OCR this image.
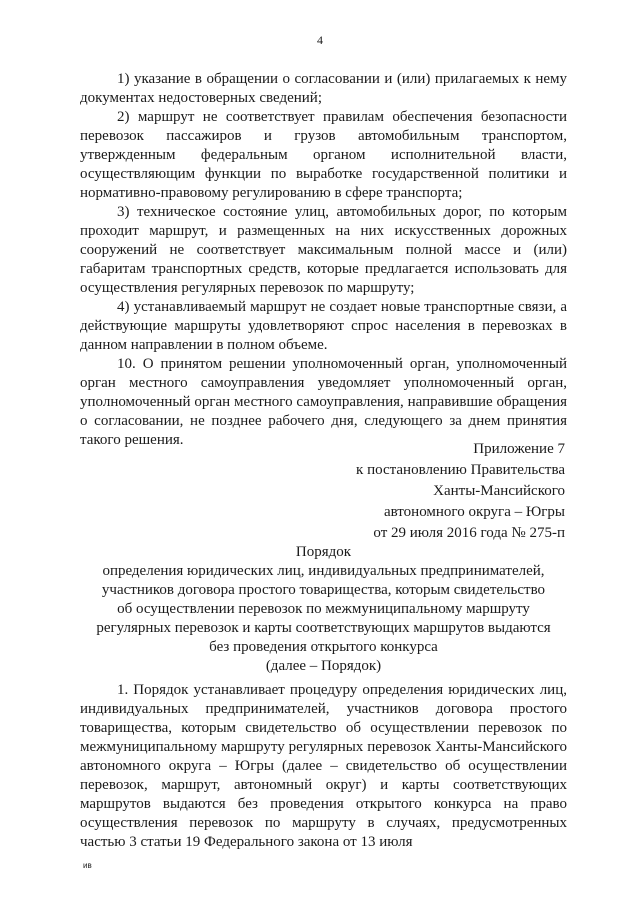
4

1) указание в обращении о согласовании и (или) прилагаемых к нему документах недостоверных сведений;

2) маршрут не соответствует правилам обеспечения безопасности перевозок пассажиров и грузов автомобильным транспортом, утвержденным федеральным органом исполнительной власти, осуществляющим функции по выработке государственной политики и нормативно-правовому регулированию в сфере транспорта;

3) техническое состояние улиц, автомобильных дорог, по которым проходит маршрут, и размещенных на них искусственных дорожных сооружений не соответствует максимальным полной массе и (или) габаритам транспортных средств, которые предлагается использовать для осуществления регулярных перевозок по маршруту;

4) устанавливаемый маршрут не создает новые транспортные связи, а действующие маршруты удовлетворяют спрос населения в перевозках в данном направлении в полном объеме.

10. О принятом решении уполномоченный орган, уполномоченный орган местного самоуправления уведомляет уполномоченный орган, уполномоченный орган местного самоуправления, направившие обращения о согласовании, не позднее рабочего дня, следующего за днем принятия такого решения.

Приложение 7
к постановлению Правительства
Ханты-Мансийского
автономного округа – Югры
от 29 июля 2016 года № 275-п
Порядок
определения юридических лиц, индивидуальных предпринимателей,
участников договора простого товарищества, которым свидетельство
об осуществлении перевозок по межмуниципальному маршруту
регулярных перевозок и карты соответствующих маршрутов выдаются
без проведения открытого конкурса
(далее – Порядок)

1. Порядок устанавливает процедуру определения юридических лиц, индивидуальных предпринимателей, участников договора простого товарищества, которым свидетельство об осуществлении перевозок по межмуниципальному маршруту регулярных перевозок Ханты-Мансийского автономного округа – Югры (далее – свидетельство об осуществлении перевозок, маршрут, автономный округ) и карты соответствующих маршрутов выдаются без проведения открытого конкурса на право осуществления перевозок по маршруту в случаях, предусмотренных частью 3 статьи 19 Федерального закона от 13 июля

ив
